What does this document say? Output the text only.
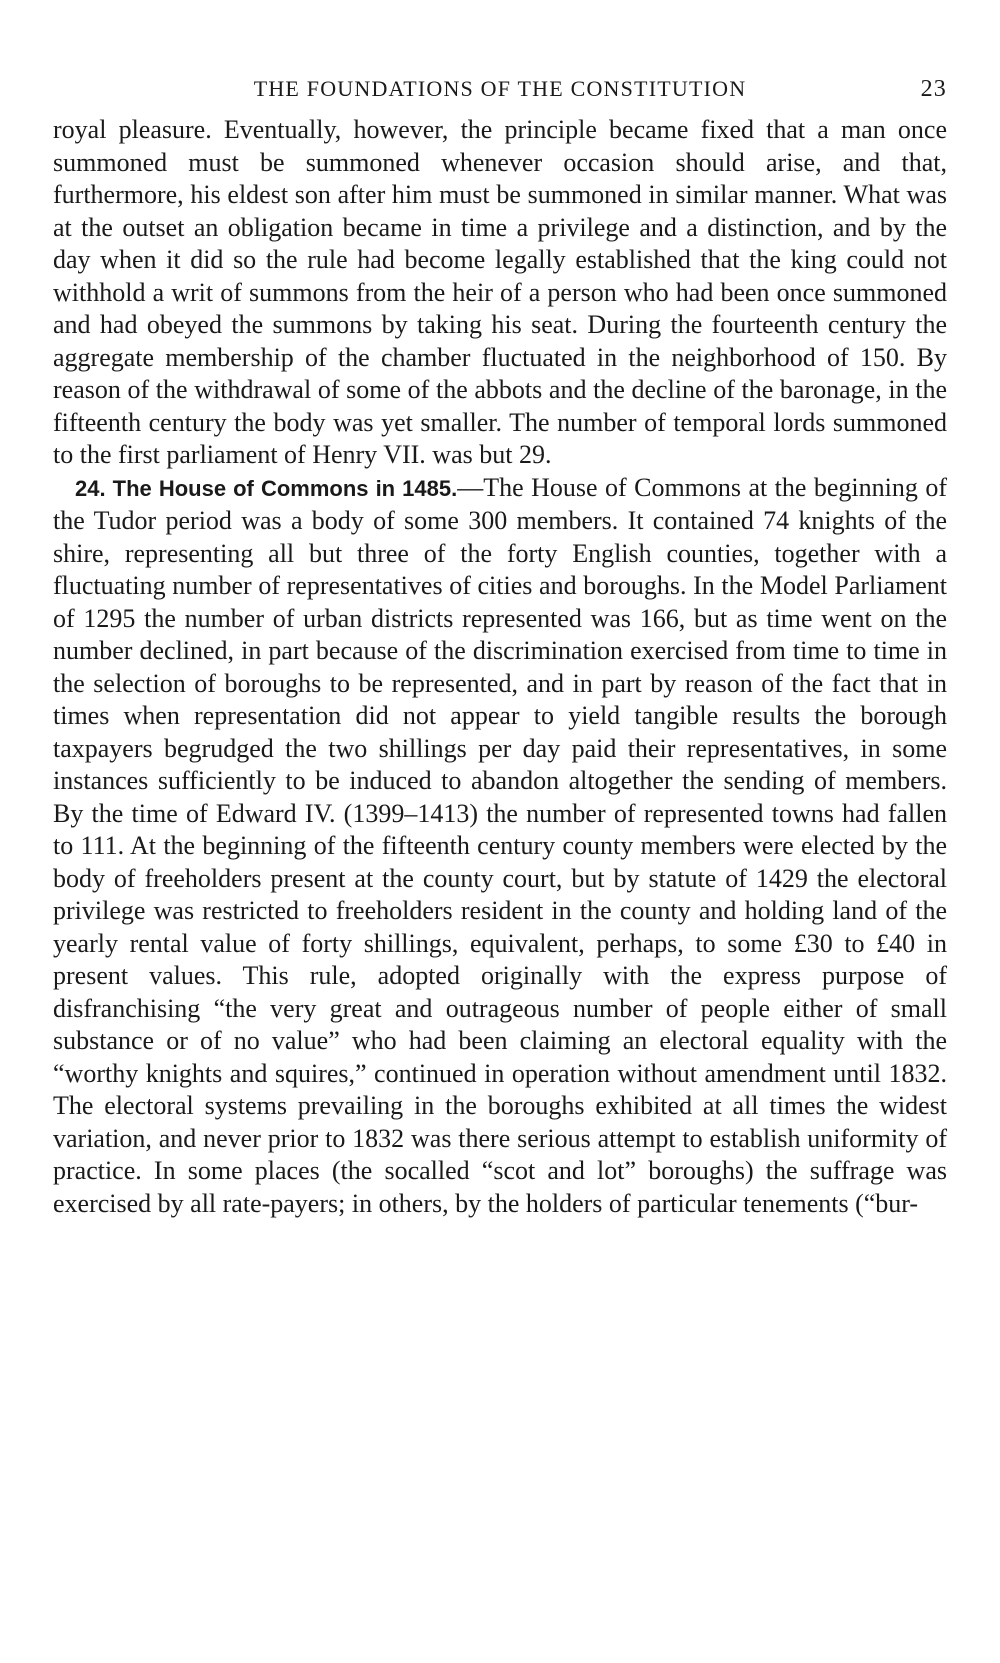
THE FOUNDATIONS OF THE CONSTITUTION	23

royal pleasure. Eventually, however, the principle became fixed that a man once summoned must be summoned whenever occasion should arise, and that, furthermore, his eldest son after him must be summoned in similar manner. What was at the outset an obligation became in time a privilege and a distinction, and by the day when it did so the rule had become legally established that the king could not withhold a writ of summons from the heir of a person who had been once summoned and had obeyed the summons by taking his seat. During the fourteenth century the aggregate membership of the chamber fluctuated in the neighborhood of 150. By reason of the withdrawal of some of the abbots and the decline of the baronage, in the fifteenth century the body was yet smaller. The number of temporal lords summoned to the first parliament of Henry VII. was but 29.

24. The House of Commons in 1485.—The House of Commons at the beginning of the Tudor period was a body of some 300 members. It contained 74 knights of the shire, representing all but three of the forty English counties, together with a fluctuating number of representatives of cities and boroughs. In the Model Parliament of 1295 the number of urban districts represented was 166, but as time went on the number declined, in part because of the discrimination exercised from time to time in the selection of boroughs to be represented, and in part by reason of the fact that in times when representation did not appear to yield tangible results the borough taxpayers begrudged the two shillings per day paid their representatives, in some instances sufficiently to be induced to abandon altogether the sending of members. By the time of Edward IV. (1399–1413) the number of represented towns had fallen to 111. At the beginning of the fifteenth century county members were elected by the body of freeholders present at the county court, but by statute of 1429 the electoral privilege was restricted to freeholders resident in the county and holding land of the yearly rental value of forty shillings, equivalent, perhaps, to some £30 to £40 in present values. This rule, adopted originally with the express purpose of disfranchising “the very great and outrageous number of people either of small substance or of no value” who had been claiming an electoral equality with the “worthy knights and squires,” continued in operation without amendment until 1832. The electoral systems prevailing in the boroughs exhibited at all times the widest variation, and never prior to 1832 was there serious attempt to establish uniformity of practice. In some places (the socalled “scot and lot” boroughs) the suffrage was exercised by all rate-payers; in others, by the holders of particular tenements (“bur-
